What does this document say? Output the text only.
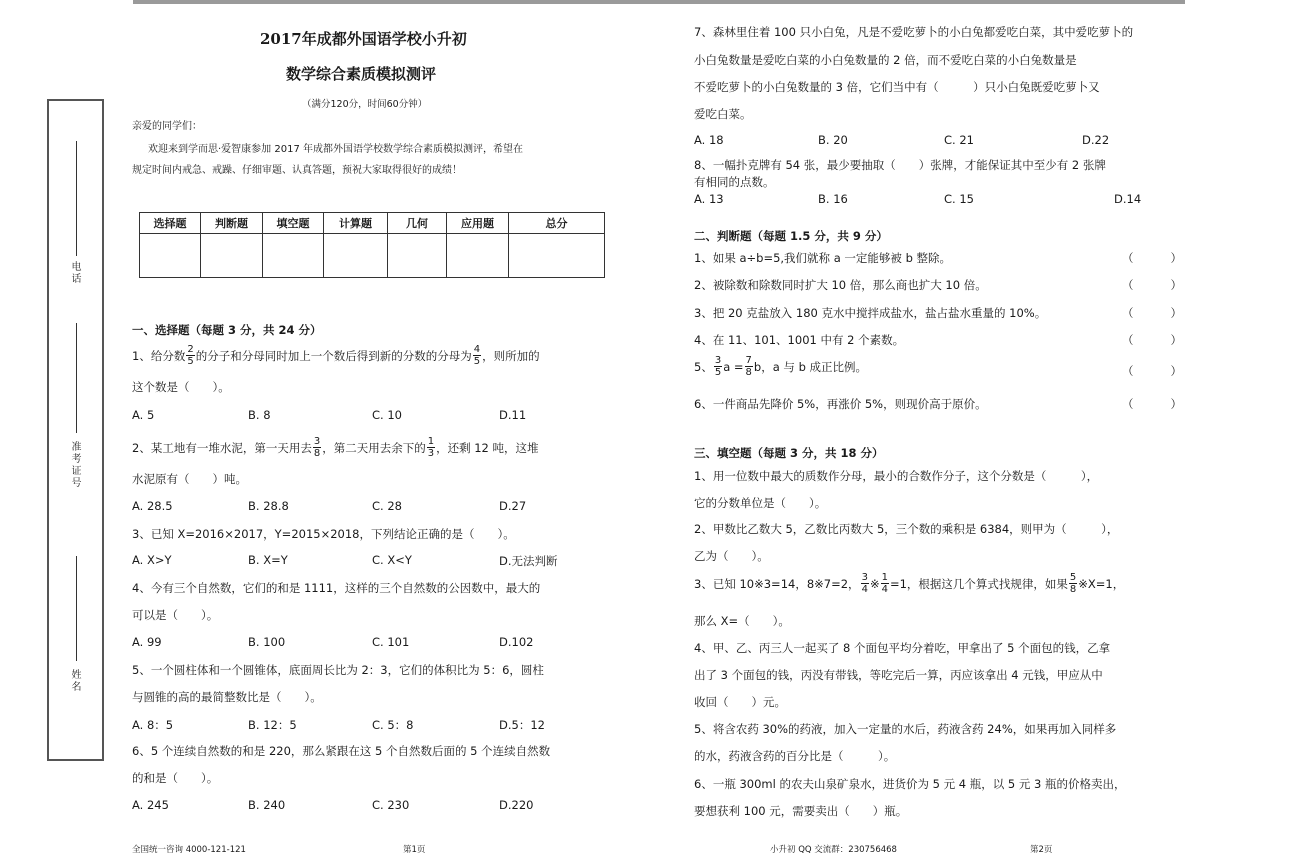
电话
准考证号
姓名
2017年成都外国语学校小升初
数学综合素质模拟测评
（满分120分，时间60分钟）
亲爱的同学们：
欢迎来到学而思·爱智康参加 2017 年成都外国语学校数学综合素质模拟测评，希望在
规定时间内戒急、戒躁、仔细审题、认真答题，预祝大家取得很好的成绩！
选择题	判断题	填空题	计算题	几何	应用题	总分

一、选择题（每题 3 分，共 24 分）
1、给分数 $\frac{2}{5}$ 的分子和分母同时加上一个数后得到新的分数的分母为 $\frac{4}{5}$ ，则所加的
这个数是（　　）。
A. 5	B. 8	C. 10	D.11
2、某工地有一堆水泥，第一天用去 $\frac{3}{8}$ ，第二天用去余下的 $\frac{1}{3}$ ，还剩 12 吨，这堆
水泥原有（　　）吨。
A. 28.5	B. 28.8	C. 28	D.27
3、已知 X=2016×2017，Y=2015×2018，下列结论正确的是（　　）。
A. X>Y	B. X=Y	C. X<Y	D.无法判断
4、今有三个自然数，它们的和是 1111，这样的三个自然数的公因数中，最大的
可以是（　　）。
A. 99	B. 100	C. 101	D.102
5、一个圆柱体和一个圆锥体，底面周长比为 2：3，它们的体积比为 5：6，圆柱
与圆锥的高的最简整数比是（　　）。
A. 8：5	B. 12：5	C. 5：8	D.5：12
6、5 个连续自然数的和是 220，那么紧跟在这 5 个自然数后面的 5 个连续自然数
的和是（　　）。
A. 245	B. 240	C. 230	D.220
7、森林里住着 100 只小白兔，凡是不爱吃萝卜的小白兔都爱吃白菜，其中爱吃萝卜的
小白兔数量是爱吃白菜的小白兔数量的 2 倍，而不爱吃白菜的小白兔数量是
不爱吃萝卜的小白兔数量的 3 倍，它们当中有（　　　）只小白兔既爱吃萝卜又
爱吃白菜。
A. 18	B. 20	C. 21	D.22
8、一幅扑克牌有 54 张，最少要抽取（　　）张牌，才能保证其中至少有 2 张牌
有相同的点数。
A. 13	B. 16	C. 15	D.14
二、判断题（每题 1.5 分，共 9 分）
1、如果 a÷b=5,我们就称 a 一定能够被 b 整除。	（	）
2、被除数和除数同时扩大 10 倍，那么商也扩大 10 倍。	（	）
3、把 20 克盐放入 180 克水中搅拌成盐水，盐占盐水重量的 10%。	（	）
4、在 11、101、1001 中有 2 个素数。	（	）
5、 $\frac{3}{5}$ $a = \frac{7}{8}$ b，a 与 b 成正比例。	（	）
6、一件商品先降价 5%，再涨价 5%，则现价高于原价。	（	）
三、填空题（每题 3 分，共 18 分）
1、用一位数中最大的质数作分母，最小的合数作分子，这个分数是（　　　），
它的分数单位是（　　）。
2、甲数比乙数大 5，乙数比丙数大 5，三个数的乘积是 6384，则甲为（　　　），
乙为（　　）。
3、已知 10※3=14，8※7=2， $\frac{3}{4}$ ※ $\frac{1}{4} =1$，根据这几个算式找规律，如果 $\frac{5}{8}$ ※X=1，
那么 X=（　　）。
4、甲、乙、丙三人一起买了 8 个面包平均分着吃，甲拿出了 5 个面包的钱，乙拿
出了 3 个面包的钱，丙没有带钱，等吃完后一算，丙应该拿出 4 元钱，甲应从中
收回（　　）元。
5、将含农药 30%的药液，加入一定量的水后，药液含药 24%，如果再加入同样多
的水，药液含药的百分比是（　　　）。
6、一瓶 300ml 的农夫山泉矿泉水，进货价为 5 元 4 瓶，以 5 元 3 瓶的价格卖出，
要想获利 100 元，需要卖出（　　）瓶。
全国统一咨询 4000-121-121	第1页	小升初 QQ 交流群：230756468	第2页
